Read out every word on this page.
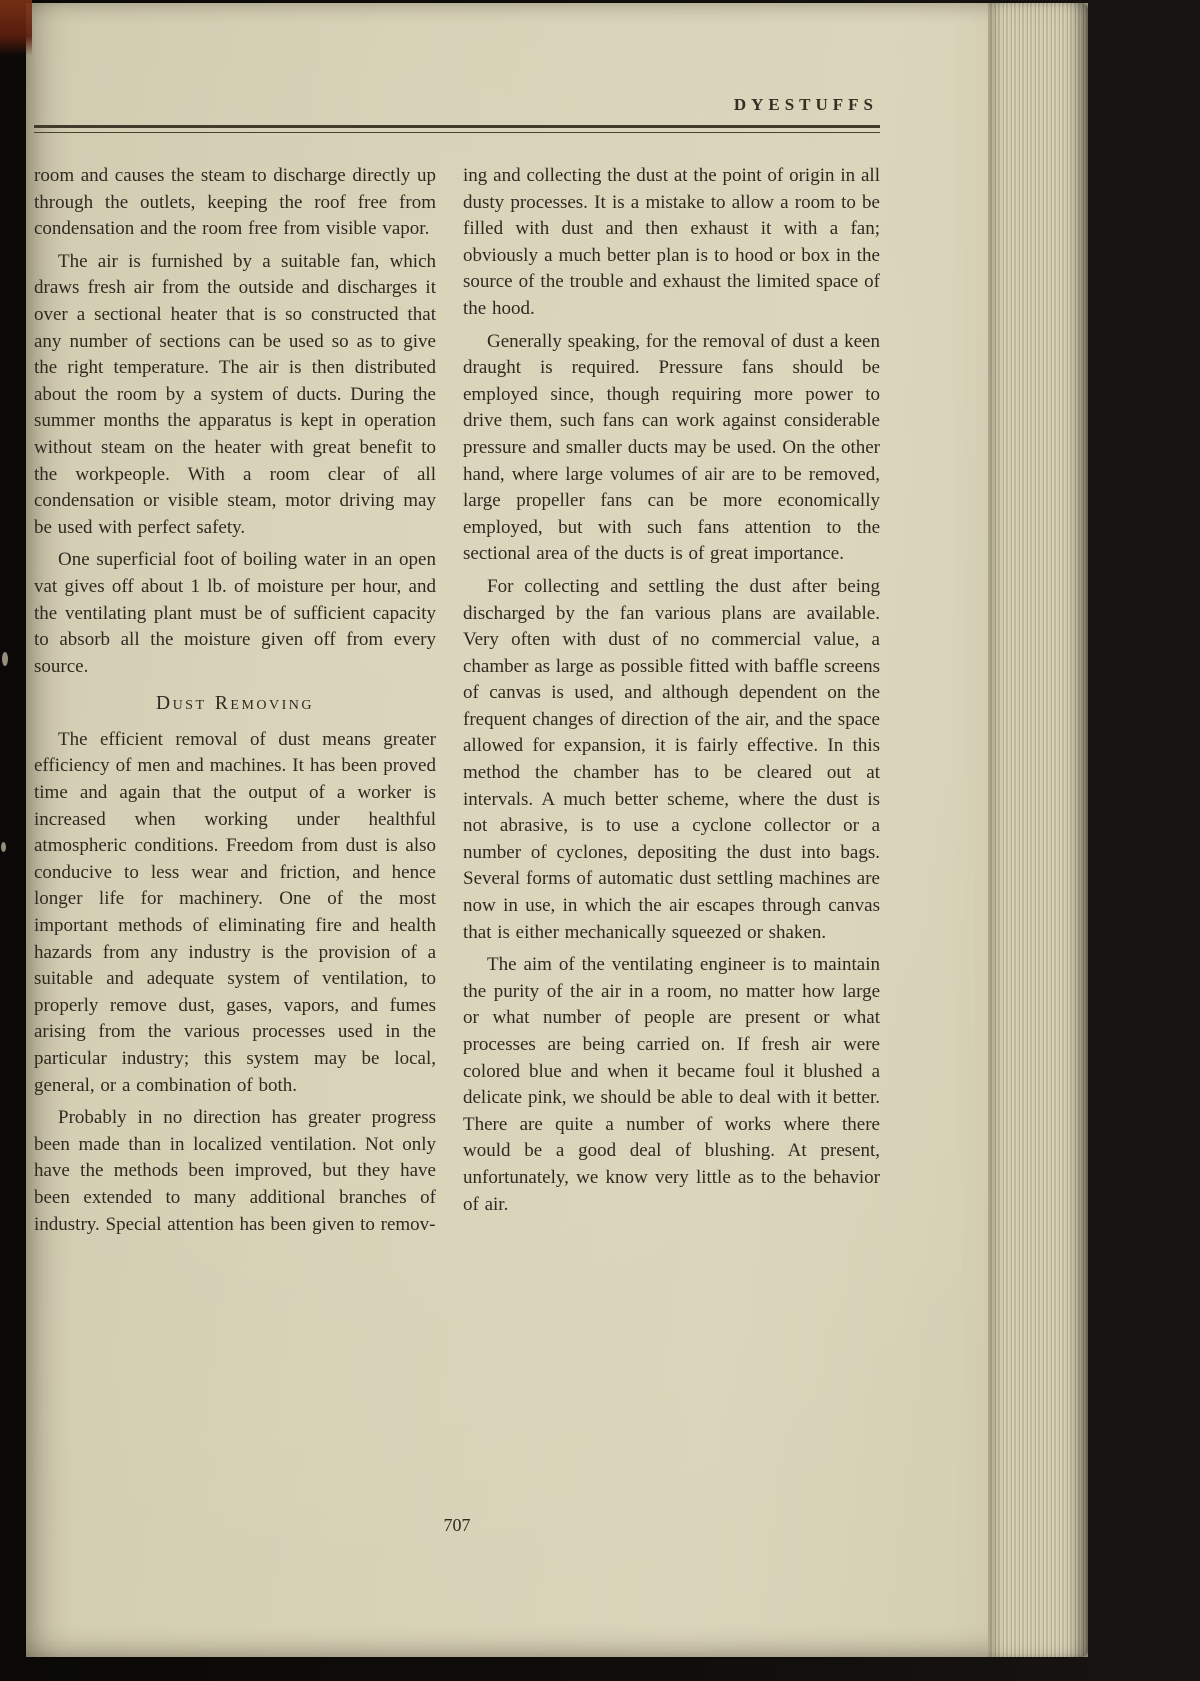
DYESTUFFS

room and causes the steam to discharge directly up through the outlets, keeping the roof free from condensation and the room free from visible vapor.

The air is furnished by a suitable fan, which draws fresh air from the outside and discharges it over a sectional heater that is so constructed that any number of sections can be used so as to give the right temperature. The air is then distributed about the room by a system of ducts. During the summer months the apparatus is kept in operation without steam on the heater with great benefit to the workpeople. With a room clear of all condensation or visible steam, motor driving may be used with perfect safety.

One superficial foot of boiling water in an open vat gives off about 1 lb. of moisture per hour, and the ventilating plant must be of sufficient capacity to absorb all the moisture given off from every source.

Dust Removing

The efficient removal of dust means greater efficiency of men and machines. It has been proved time and again that the output of a worker is increased when working under healthful atmospheric conditions. Freedom from dust is also conducive to less wear and friction, and hence longer life for machinery. One of the most important methods of eliminating fire and health hazards from any industry is the provision of a suitable and adequate system of ventilation, to properly remove dust, gases, vapors, and fumes arising from the various processes used in the particular industry; this system may be local, general, or a combination of both.

Probably in no direction has greater progress been made than in localized ventilation. Not only have the methods been improved, but they have been extended to many additional branches of industry. Special attention has been given to remov-

ing and collecting the dust at the point of origin in all dusty processes. It is a mistake to allow a room to be filled with dust and then exhaust it with a fan; obviously a much better plan is to hood or box in the source of the trouble and exhaust the limited space of the hood.

Generally speaking, for the removal of dust a keen draught is required. Pressure fans should be employed since, though requiring more power to drive them, such fans can work against considerable pressure and smaller ducts may be used. On the other hand, where large volumes of air are to be removed, large propeller fans can be more economically employed, but with such fans attention to the sectional area of the ducts is of great importance.

For collecting and settling the dust after being discharged by the fan various plans are available. Very often with dust of no commercial value, a chamber as large as possible fitted with baffle screens of canvas is used, and although dependent on the frequent changes of direction of the air, and the space allowed for expansion, it is fairly effective. In this method the chamber has to be cleared out at intervals. A much better scheme, where the dust is not abrasive, is to use a cyclone collector or a number of cyclones, depositing the dust into bags. Several forms of automatic dust settling machines are now in use, in which the air escapes through canvas that is either mechanically squeezed or shaken.

The aim of the ventilating engineer is to maintain the purity of the air in a room, no matter how large or what number of people are present or what processes are being carried on. If fresh air were colored blue and when it became foul it blushed a delicate pink, we should be able to deal with it better. There are quite a number of works where there would be a good deal of blushing. At present, unfortunately, we know very little as to the behavior of air.

707
